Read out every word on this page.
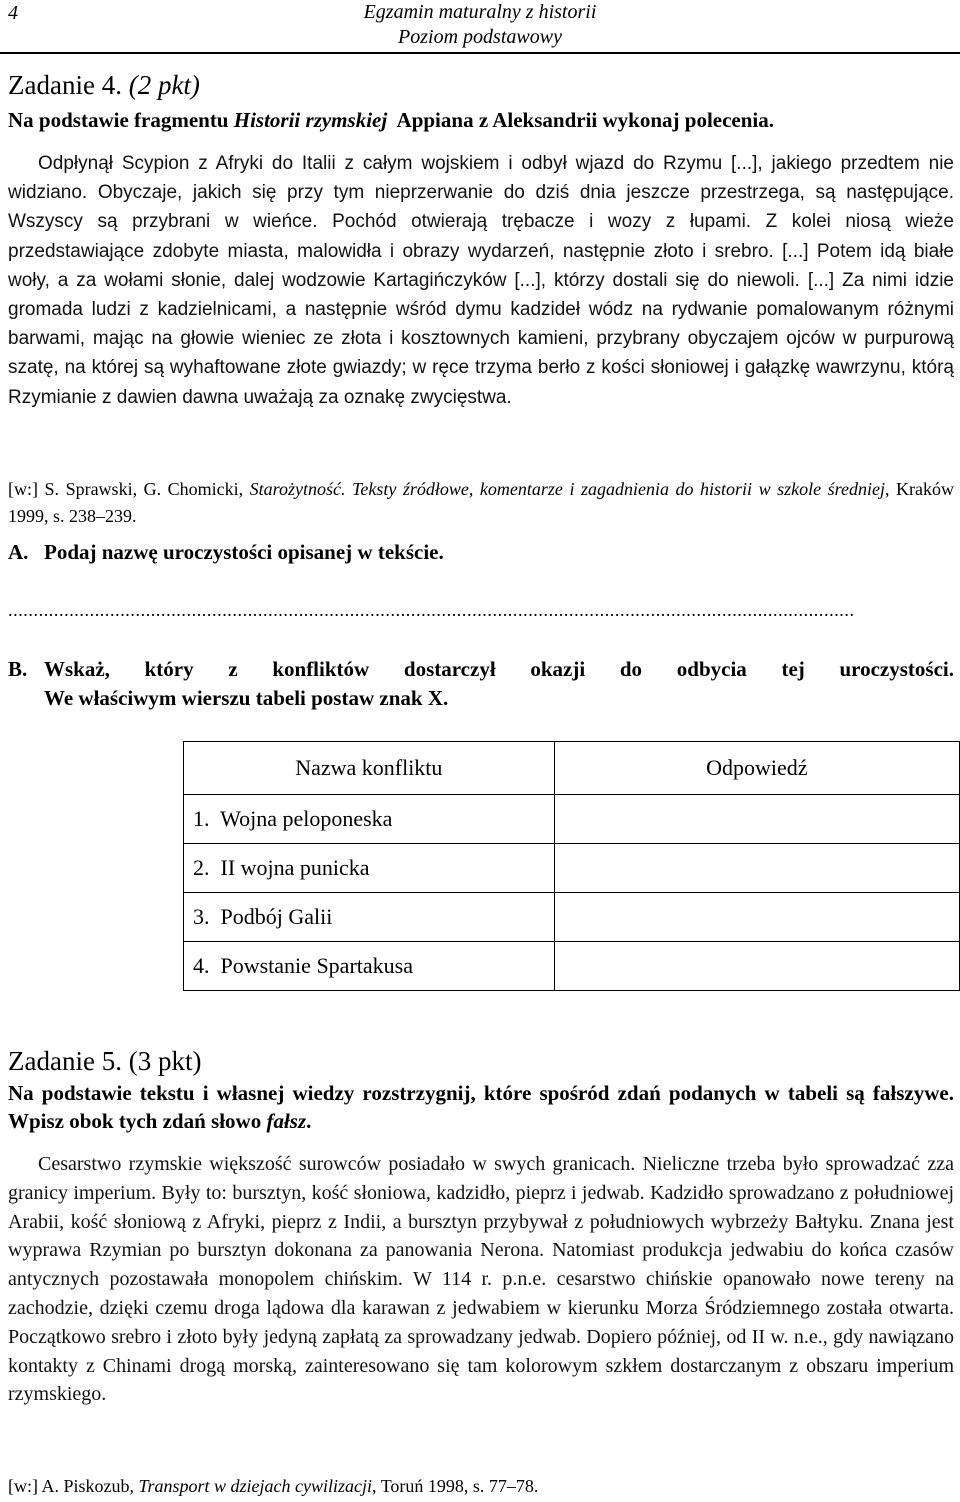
4	Egzamin maturalny z historii
Poziom podstawowy
Zadanie 4. (2 pkt)
Na podstawie fragmentu Historii rzymskiej  Appiana z Aleksandrii wykonaj polecenia.
Odpłynął Scypion z Afryki do Italii z całym wojskiem i odbył wjazd do Rzymu [...], jakiego przedtem nie widziano. Obyczaje, jakich się przy tym nieprzerwanie do dziś dnia jeszcze przestrzega, są następujące. Wszyscy są przybrani w wieńce. Pochód otwierają trębacze i wozy z łupami. Z kolei niosą wieże przedstawiające zdobyte miasta, malowidła i obrazy wydarzeń, następnie złoto i srebro. [...] Potem idą białe woły, a za wołami słonie, dalej wodzowie Kartagińczyków [...], którzy dostali się do niewoli. [...] Za nimi idzie gromada ludzi z kadzielnicami, a następnie wśród dymu kadzideł wódz na rydwanie pomalowanym różnymi barwami, mając na głowie wieniec ze złota i kosztownych kamieni, przybrany obyczajem ojców w purpurową szatę, na której są wyhaftowane złote gwiazdy; w ręce trzyma berło z kości słoniowej i gałązkę wawrzynu, którą Rzymianie z dawien dawna uważają za oznakę zwycięstwa.
[w:] S. Sprawski, G. Chomicki, Starożytność. Teksty źródłowe, komentarze i zagadnienia do historii w szkole średniej, Kraków 1999, s. 238–239.
A. Podaj nazwę uroczystości opisanej w tekście.
......................................................................................................................................................................
B. Wskaż, który z konfliktów dostarczył okazji do odbycia tej uroczystości.
We właściwym wierszu tabeli postaw znak X.
Nazwa konfliktu	Odpowiedź
1.  Wojna peloponeska	
2.  II wojna punicka	
3.  Podbój Galii	
4.  Powstanie Spartakusa	
Zadanie 5. (3 pkt)
Na podstawie tekstu i własnej wiedzy rozstrzygnij, które spośród zdań podanych w tabeli są fałszywe. Wpisz obok tych zdań słowo fałsz.
Cesarstwo rzymskie większość surowców posiadało w swych granicach. Nieliczne trzeba było sprowadzać zza granicy imperium. Były to: bursztyn, kość słoniowa, kadzidło, pieprz i jedwab. Kadzidło sprowadzano z południowej Arabii, kość słoniową z Afryki, pieprz z Indii, a bursztyn przybywał z południowych wybrzeży Bałtyku. Znana jest wyprawa Rzymian po bursztyn dokonana za panowania Nerona. Natomiast produkcja jedwabiu do końca czasów antycznych pozostawała monopolem chińskim. W 114 r. p.n.e. cesarstwo chińskie opanowało nowe tereny na zachodzie, dzięki czemu droga lądowa dla karawan z jedwabiem w kierunku Morza Śródziemnego została otwarta. Początkowo srebro i złoto były jedyną zapłatą za sprowadzany jedwab. Dopiero później, od II w. n.e., gdy nawiązano kontakty z Chinami drogą morską, zainteresowano się tam kolorowym szkłem dostarczanym z obszaru imperium rzymskiego.
[w:] A. Piskozub, Transport w dziejach cywilizacji, Toruń 1998, s. 77–78.
